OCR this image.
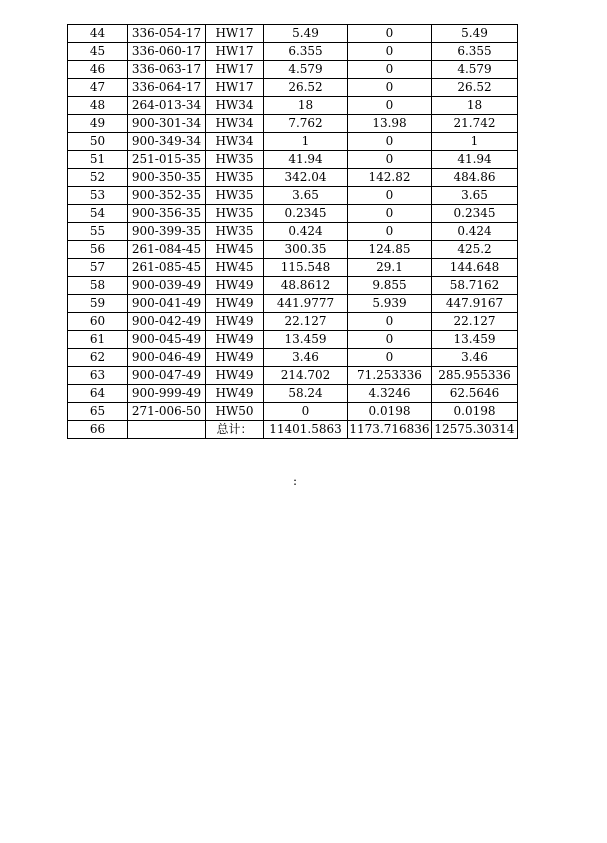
44	336-054-17	HW17	5.49	0	5.49
45	336-060-17	HW17	6.355	0	6.355
46	336-063-17	HW17	4.579	0	4.579
47	336-064-17	HW17	26.52	0	26.52
48	264-013-34	HW34	18	0	18
49	900-301-34	HW34	7.762	13.98	21.742
50	900-349-34	HW34	1	0	1
51	251-015-35	HW35	41.94	0	41.94
52	900-350-35	HW35	342.04	142.82	484.86
53	900-352-35	HW35	3.65	0	3.65
54	900-356-35	HW35	0.2345	0	0.2345
55	900-399-35	HW35	0.424	0	0.424
56	261-084-45	HW45	300.35	124.85	425.2
57	261-085-45	HW45	115.548	29.1	144.648
58	900-039-49	HW49	48.8612	9.855	58.7162
59	900-041-49	HW49	441.9777	5.939	447.9167
60	900-042-49	HW49	22.127	0	22.127
61	900-045-49	HW49	13.459	0	13.459
62	900-046-49	HW49	3.46	0	3.46
63	900-047-49	HW49	214.702	71.253336	285.955336
64	900-999-49	HW49	58.24	4.3246	62.5646
65	271-006-50	HW50	0	0.0198	0.0198
66		总计：	11401.5863	1173.716836	12575.30314
:
